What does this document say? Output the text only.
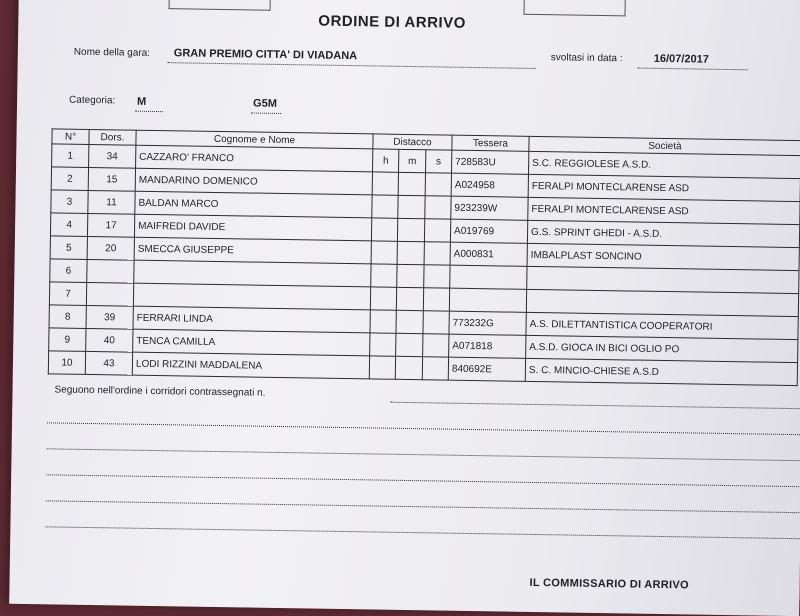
ORDINE DI ARRIVO
Nome della gara: GRAN PREMIO CITTA' DI VIADANA	svoltasi in data :	16/07/2017
Categoria: M	G5M
N°	Dors.	Cognome e Nome	Distacco			Tessera	Società
1	34	CAZZARO' FRANCO	h	m	s	728583U	S.C. REGGIOLESE A.S.D.
2	15	MANDARINO DOMENICO				A024958	FERALPI MONTECLARENSE ASD
3	11	BALDAN MARCO				923239W	FERALPI MONTECLARENSE ASD
4	17	MAIFREDI DAVIDE				A019769	G.S. SPRINT GHEDI - A.S.D.
5	20	SMECCA GIUSEPPE				A000831	IMBALPLAST SONCINO
6							
7							
8	39	FERRARI LINDA				773232G	A.S. DILETTANTISTICA COOPERATORI
9	40	TENCA CAMILLA				A071818	A.S.D. GIOCA IN BICI OGLIO PO
10	43	LODI RIZZINI MADDALENA				840692E	S. C. MINCIO-CHIESE A.S.D
Seguono nell'ordine i corridori contrassegnati n.
IL COMMISSARIO DI ARRIVO
